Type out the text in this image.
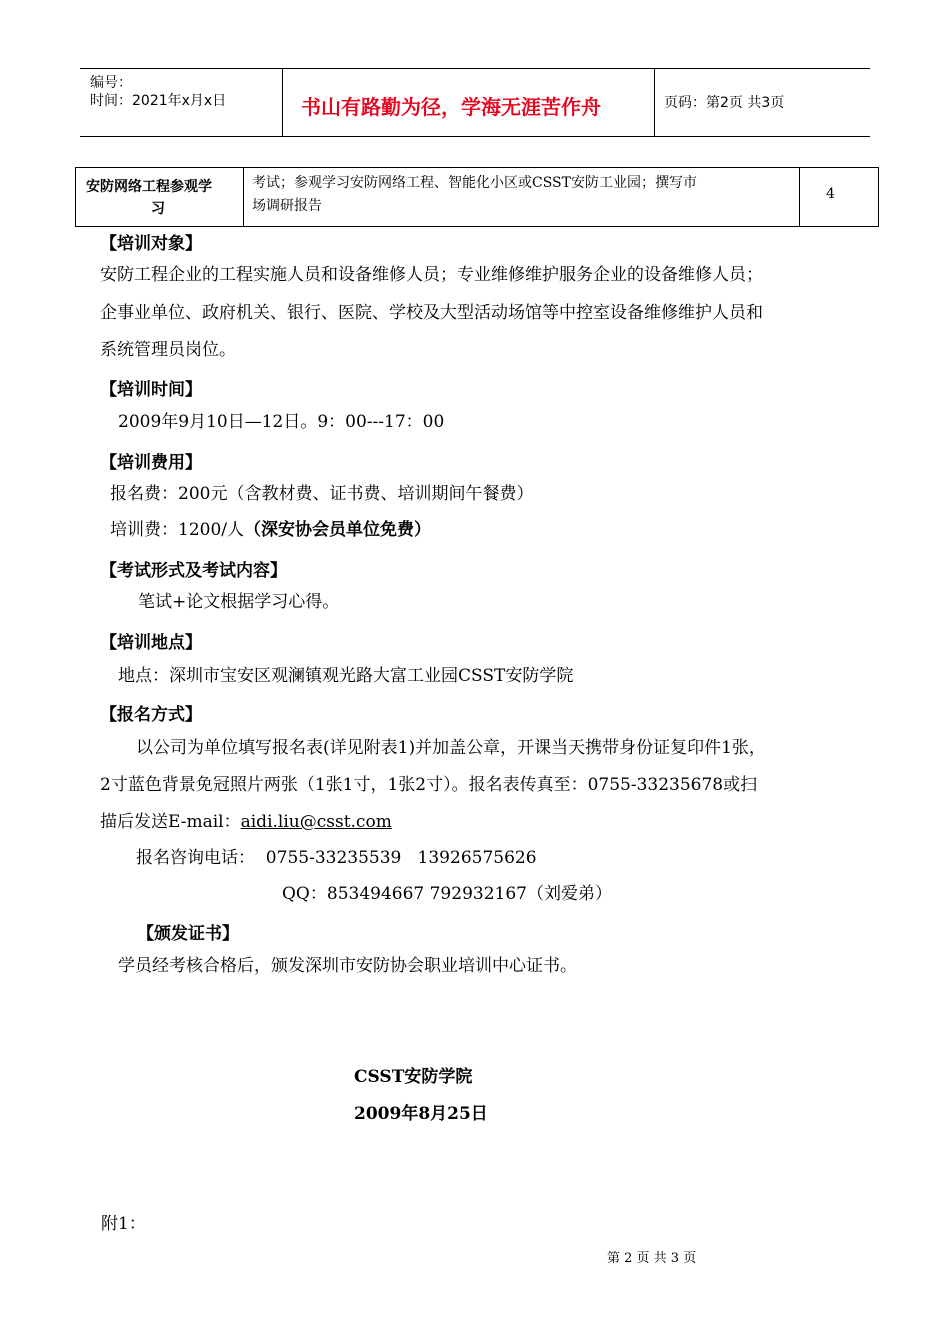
编号：
时间：2021年x月x日	书山有路勤为径，学海无涯苦作舟	页码：第2页 共3页
安防网络工程参观学
习
考试；参观学习安防网络工程、智能化小区或CSST安防工业园；撰写市
场调研报告
4
【培训对象】
安防工程企业的工程实施人员和设备维修人员；专业维修维护服务企业的设备维修人员；
企事业单位、政府机关、银行、医院、学校及大型活动场馆等中控室设备维修维护人员和
系统管理员岗位。
【培训时间】
2009年9月10日—12日。9：00---17：00
【培训费用】
报名费：200元（含教材费、证书费、培训期间午餐费）
培训费：1200/人（深安协会员单位免费）
【考试形式及考试内容】
笔试+论文根据学习心得。
【培训地点】
地点：深圳市宝安区观澜镇观光路大富工业园CSST安防学院
【报名方式】
以公司为单位填写报名表(详见附表1)并加盖公章，开课当天携带身份证复印件1张，
2寸蓝色背景免冠照片两张（1张1寸，1张2寸）。报名表传真至：0755-33235678或扫
描后发送E-mail：aidi.liu@csst.com
报名咨询电话：  0755-33235539   13926575626
QQ：853494667 792932167（刘爱弟）
【颁发证书】
学员经考核合格后，颁发深圳市安防协会职业培训中心证书。
CSST安防学院
2009年8月25日
附1：
第 2 页 共 3 页
